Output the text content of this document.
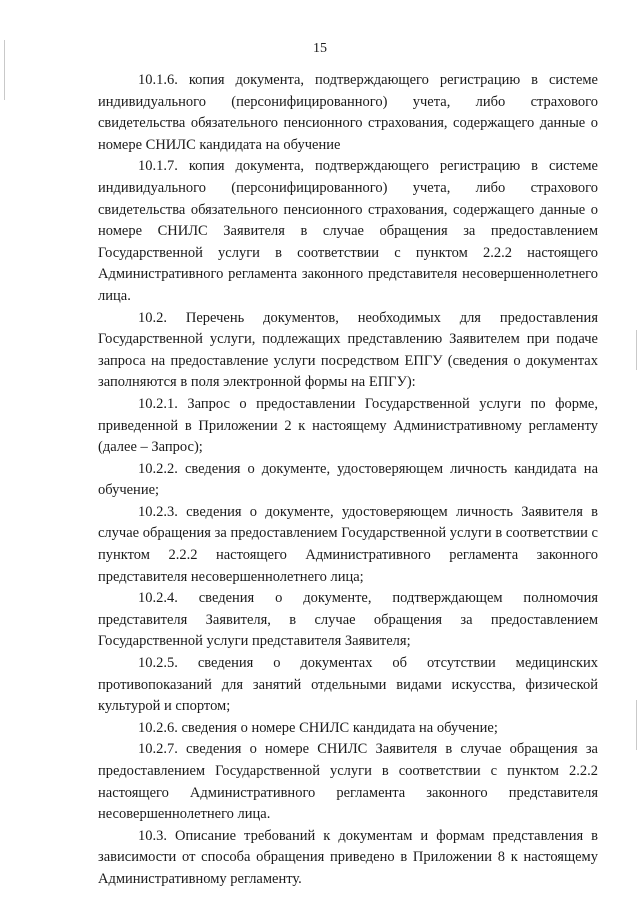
15

10.1.6. копия документа, подтверждающего регистрацию в системе индивидуального (персонифицированного) учета, либо страхового свидетельства обязательного пенсионного страхования, содержащего данные о номере СНИЛС кандидата на обучение

10.1.7. копия документа, подтверждающего регистрацию в системе индивидуального (персонифицированного) учета, либо страхового свидетельства обязательного пенсионного страхования, содержащего данные о номере СНИЛС Заявителя в случае обращения за предоставлением Государственной услуги в соответствии с пунктом 2.2.2 настоящего Административного регламента законного представителя несовершеннолетнего лица.

10.2. Перечень документов, необходимых для предоставления Государственной услуги, подлежащих представлению Заявителем при подаче запроса на предоставление услуги посредством ЕПГУ (сведения о документах заполняются в поля электронной формы на ЕПГУ):

10.2.1. Запрос о предоставлении Государственной услуги по форме, приведенной в Приложении 2 к настоящему Административному регламенту (далее – Запрос);

10.2.2. сведения о документе, удостоверяющем личность кандидата на обучение;

10.2.3. сведения о документе, удостоверяющем личность Заявителя в случае обращения за предоставлением Государственной услуги в соответствии с пунктом 2.2.2 настоящего Административного регламента законного представителя несовершеннолетнего лица;

10.2.4. сведения о документе, подтверждающем полномочия представителя Заявителя, в случае обращения за предоставлением Государственной услуги представителя Заявителя;

10.2.5. сведения о документах об отсутствии медицинских противопоказаний для занятий отдельными видами искусства, физической культурой и спортом;

10.2.6. сведения о номере СНИЛС кандидата на обучение;

10.2.7. сведения о номере СНИЛС Заявителя в случае обращения за предоставлением Государственной услуги в соответствии с пунктом 2.2.2 настоящего Административного регламента законного представителя несовершеннолетнего лица.

10.3. Описание требований к документам и формам представления в зависимости от способа обращения приведено в Приложении 8 к настоящему Административному регламенту.
